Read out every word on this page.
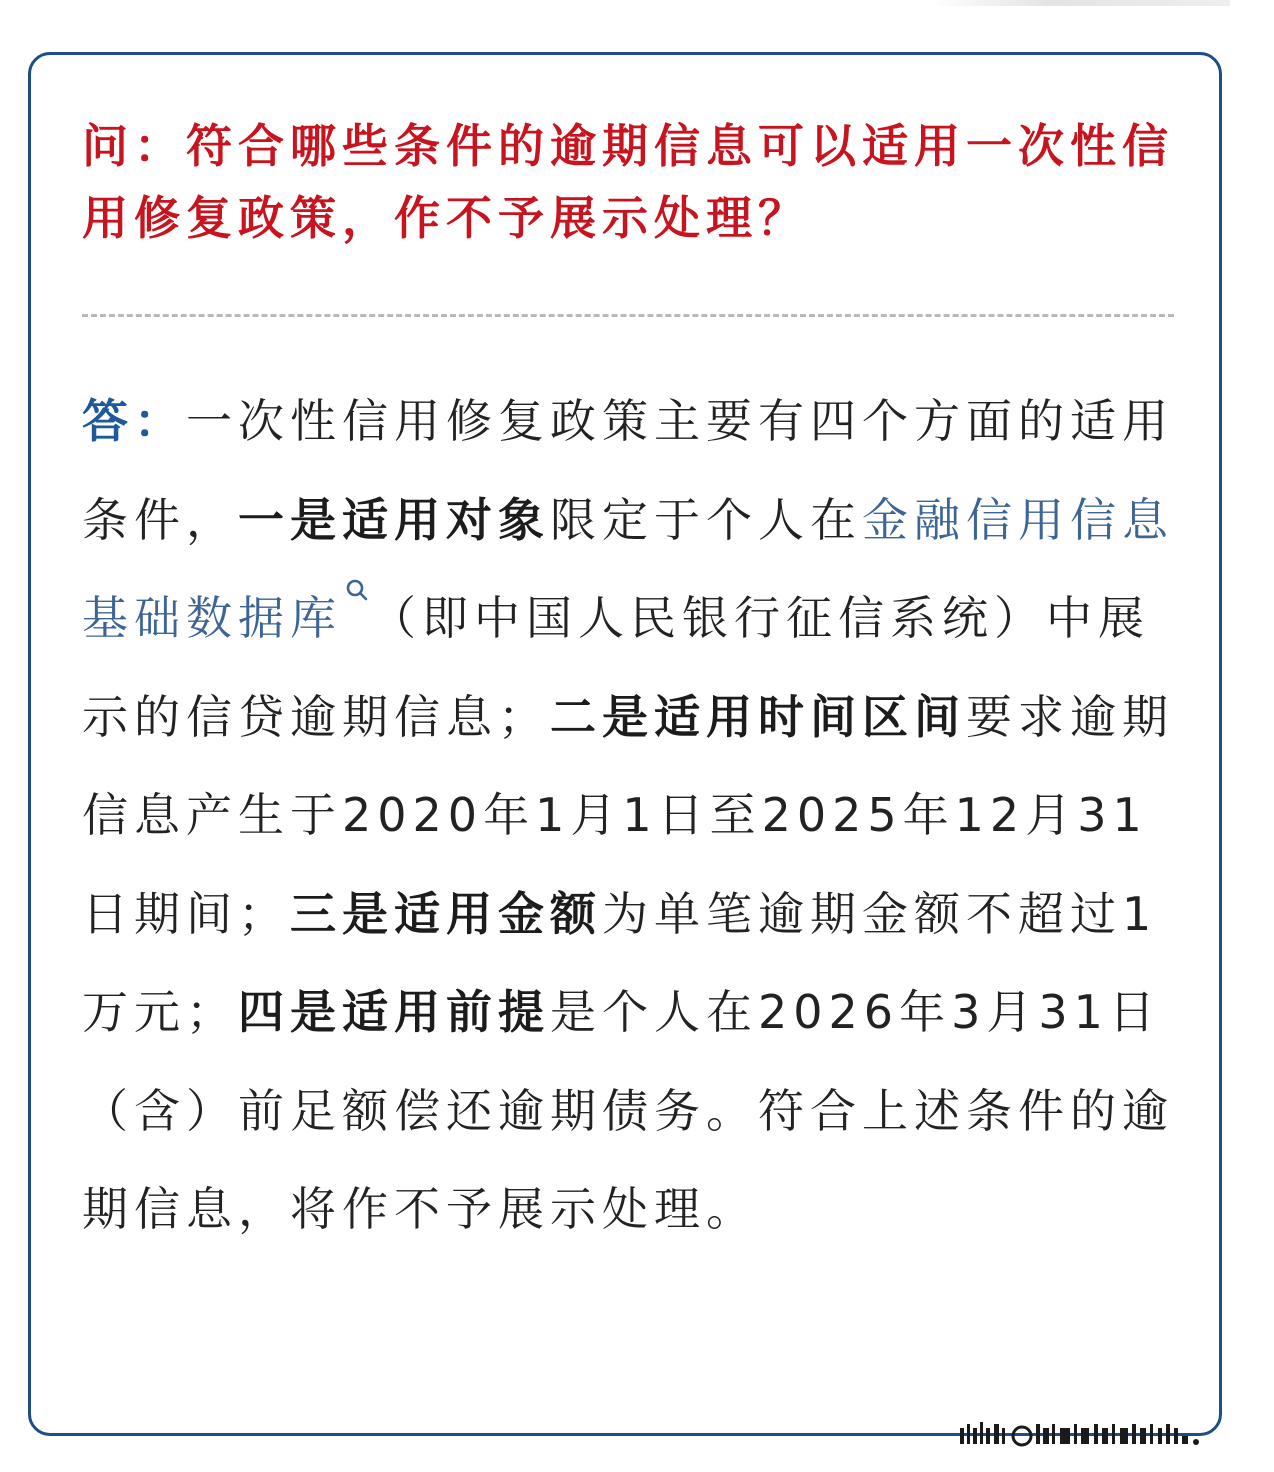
问：符合哪些条件的逾期信息可以适用一次性信用修复政策，作不予展示处理？

答：一次性信用修复政策主要有四个方面的适用条件，一是适用对象限定于个人在金融信用信息基础数据库 （即中国人民银行征信系统）中展示的信贷逾期信息；二是适用时间区间要求逾期信息产生于2020年1月1日至2025年12月31日期间；三是适用金额为单笔逾期金额不超过1万元；四是适用前提是个人在2026年3月31日（含）前足额偿还逾期债务。符合上述条件的逾期信息，将作不予展示处理。
